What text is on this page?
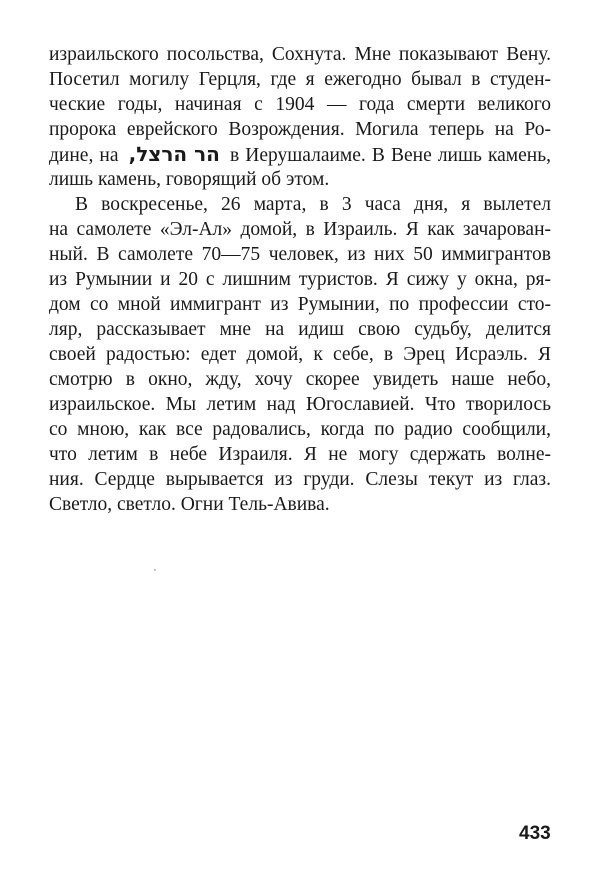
израильского посольства, Сохнута. Мне показывают Вену.
Посетил могилу Герцля, где я ежегодно бывал в студен-
ческие годы, начиная с 1904 — года смерти великого
пророка еврейского Возрождения. Могила теперь на Ро-
дине, на הר הרצל, в Иерушалаиме. В Вене лишь камень,
лишь камень, говорящий об этом.
В воскресенье, 26 марта, в 3 часа дня, я вылетел
на самолете «Эл-Ал» домой, в Израиль. Я как зачарован-
ный. В самолете 70—75 человек, из них 50 иммигрантов
из Румынии и 20 с лишним туристов. Я сижу у окна, ря-
дом со мной иммигрант из Румынии, по профессии сто-
ляр, рассказывает мне на идиш свою судьбу, делится
своей радостью: едет домой, к себе, в Эрец Исраэль. Я
смотрю в окно, жду, хочу скорее увидеть наше небо,
израильское. Мы летим над Югославией. Что творилось
со мною, как все радовались, когда по радио сообщили,
что летим в небе Израиля. Я не могу сдержать волне-
ния. Сердце вырывается из груди. Слезы текут из глаз.
Светло, светло. Огни Тель-Авива.
433
